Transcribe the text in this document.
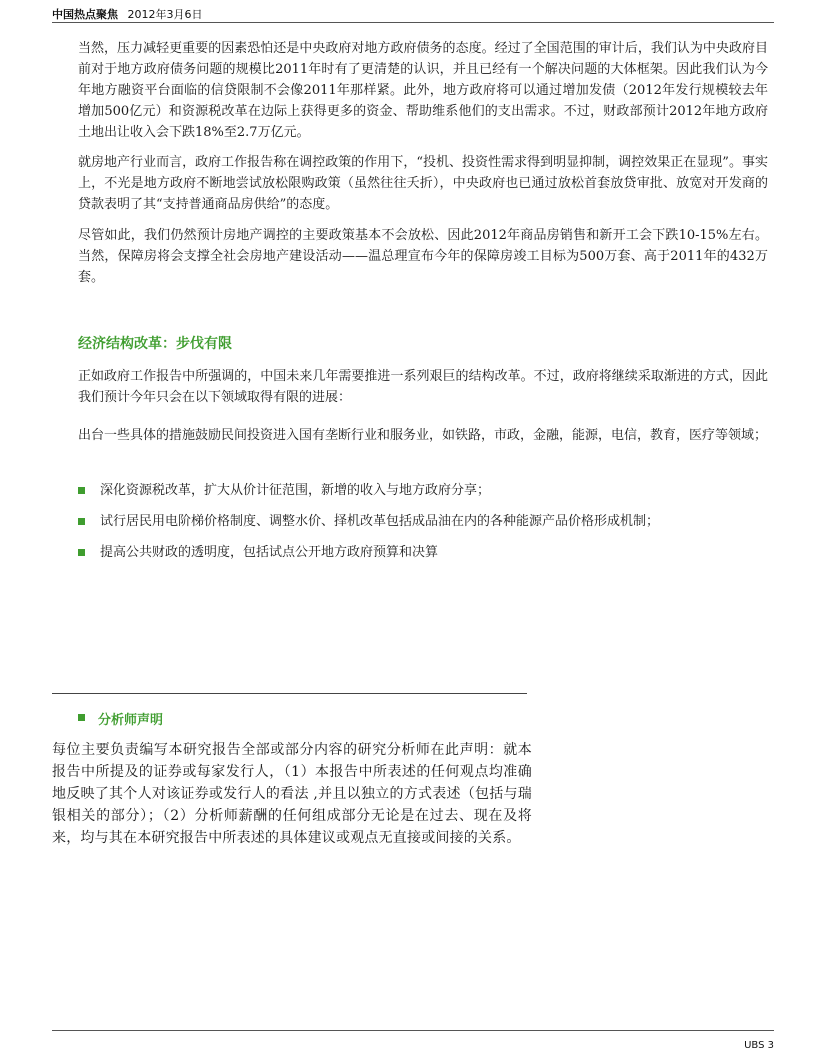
中国热点聚焦 2012年3月6日

当然，压力减轻更重要的因素恐怕还是中央政府对地方政府债务的态度。经过了全国范围的审计后，我们认为中央政府目前对于地方政府债务问题的规模比2011年时有了更清楚的认识，并且已经有一个解决问题的大体框架。因此我们认为今年地方融资平台面临的信贷限制不会像2011年那样紧。此外，地方政府将可以通过增加发债（2012年发行规模较去年增加500亿元）和资源税改革在边际上获得更多的资金、帮助维系他们的支出需求。不过，财政部预计2012年地方政府土地出让收入会下跌18%至2.7万亿元。

就房地产行业而言，政府工作报告称在调控政策的作用下，“投机、投资性需求得到明显抑制，调控效果正在显现”。事实上，不光是地方政府不断地尝试放松限购政策（虽然往往夭折），中央政府也已通过放松首套放贷审批、放宽对开发商的贷款表明了其“支持普通商品房供给”的态度。

尽管如此，我们仍然预计房地产调控的主要政策基本不会放松、因此2012年商品房销售和新开工会下跌10-15%左右。当然，保障房将会支撑全社会房地产建设活动——温总理宣布今年的保障房竣工目标为500万套、高于2011年的432万套。

经济结构改革：步伐有限

正如政府工作报告中所强调的，中国未来几年需要推进一系列艰巨的结构改革。不过，政府将继续采取渐进的方式，因此我们预计今年只会在以下领域取得有限的进展：

出台一些具体的措施鼓励民间投资进入国有垄断行业和服务业，如铁路，市政，金融，能源，电信，教育，医疗等领域；

深化资源税改革，扩大从价计征范围，新增的收入与地方政府分享；
试行居民用电阶梯价格制度、调整水价、择机改革包括成品油在内的各种能源产品价格形成机制；
提高公共财政的透明度，包括试点公开地方政府预算和决算
分析师声明
每位主要负责编写本研究报告全部或部分内容的研究分析师在此声明：就本报告中所提及的证券或每家发行人，（1）本报告中所表述的任何观点均准确地反映了其个人对该证券或发行人的看法 ,并且以独立的方式表述（包括与瑞银相关的部分）；（2）分析师薪酬的任何组成部分无论是在过去、现在及将来，均与其在本研究报告中所表述的具体建议或观点无直接或间接的关系。
UBS 3
